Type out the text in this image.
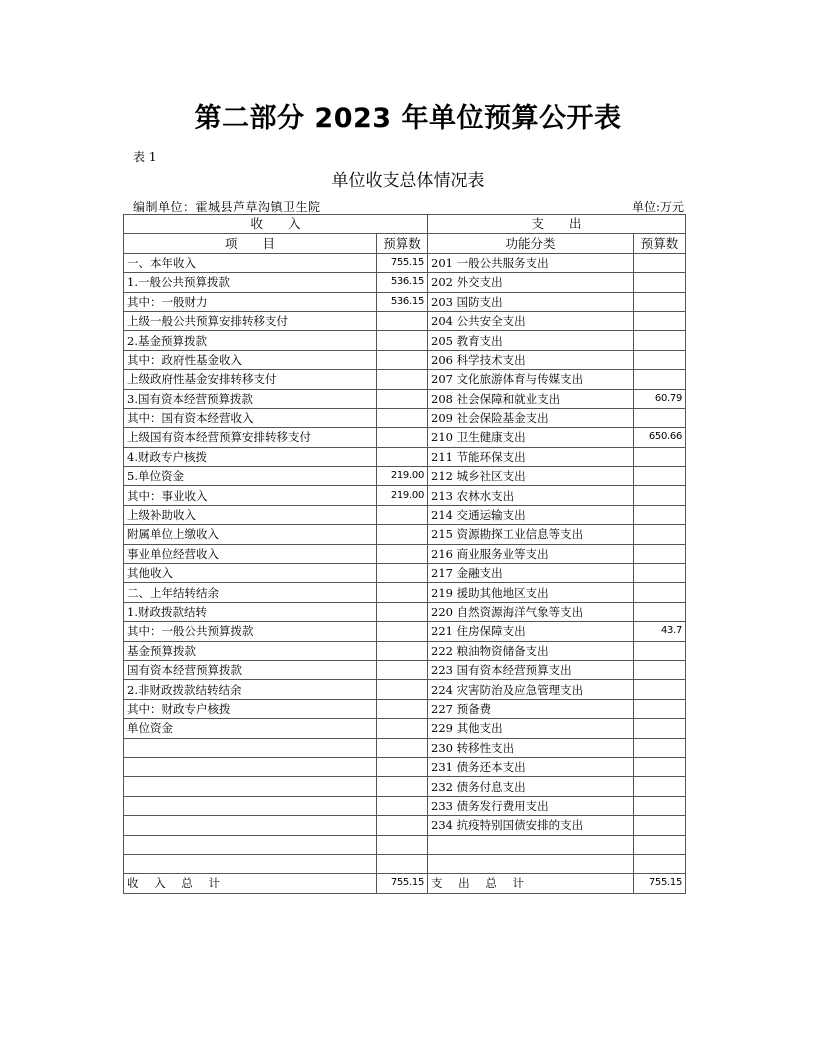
第二部分 2023 年单位预算公开表
表 1
单位收支总体情况表
编制单位：霍城县芦草沟镇卫生院	单位:万元
收　　入		支　　出	
项　　目	预算数	功能分类	预算数
一、本年收入	755.15	201 一般公共服务支出	
1.一般公共预算拨款	536.15	202 外交支出	
其中：一般财力	536.15	203 国防支出	
上级一般公共预算安排转移支付		204 公共安全支出	
2.基金预算拨款		205 教育支出	
其中：政府性基金收入		206 科学技术支出	
上级政府性基金安排转移支付		207 文化旅游体育与传媒支出	
3.国有资本经营预算拨款		208 社会保障和就业支出	60.79
其中：国有资本经营收入		209 社会保险基金支出	
上级国有资本经营预算安排转移支付		210 卫生健康支出	650.66
4.财政专户核拨		211 节能环保支出	
5.单位资金	219.00	212 城乡社区支出	
其中：事业收入	219.00	213 农林水支出	
上级补助收入		214 交通运输支出	
附属单位上缴收入		215 资源勘探工业信息等支出	
事业单位经营收入		216 商业服务业等支出	
其他收入		217 金融支出	
二、上年结转结余		219 援助其他地区支出	
1.财政拨款结转		220 自然资源海洋气象等支出	
其中：一般公共预算拨款		221 住房保障支出	43.7
基金预算拨款		222 粮油物资储备支出	
国有资本经营预算拨款		223 国有资本经营预算支出	
2.非财政拨款结转结余		224 灾害防治及应急管理支出	
其中：财政专户核拨		227 预备费	
单位资金		229 其他支出	
		230 转移性支出	
		231 债务还本支出	
		232 债务付息支出	
		233 债务发行费用支出	
		234 抗疫特别国债安排的支出	

收 入 总 计	755.15	支 出 总 计	755.15
